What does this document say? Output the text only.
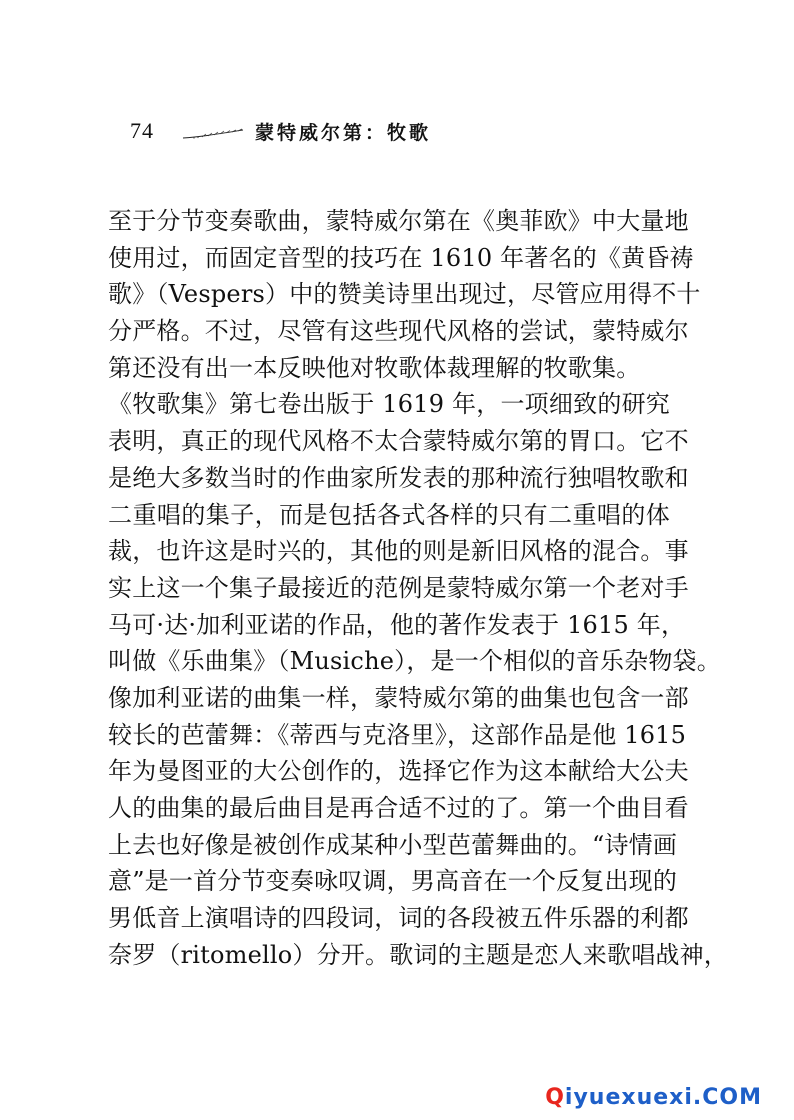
74	蒙特威尔第：牧歌
至于分节变奏歌曲，蒙特威尔第在《奥菲欧》中大量地
使用过，而固定音型的技巧在 1610 年著名的《黄昏祷
歌》（Vespers）中的赞美诗里出现过，尽管应用得不十
分严格。不过，尽管有这些现代风格的尝试，蒙特威尔
第还没有出一本反映他对牧歌体裁理解的牧歌集。
《牧歌集》第七卷出版于 1619 年，一项细致的研究
表明，真正的现代风格不太合蒙特威尔第的胃口。它不
是绝大多数当时的作曲家所发表的那种流行独唱牧歌和
二重唱的集子，而是包括各式各样的只有二重唱的体
裁，也许这是时兴的，其他的则是新旧风格的混合。事
实上这一个集子最接近的范例是蒙特威尔第一个老对手
马可·达·加利亚诺的作品，他的著作发表于 1615 年，
叫做《乐曲集》（Musiche），是一个相似的音乐杂物袋。
像加利亚诺的曲集一样，蒙特威尔第的曲集也包含一部
较长的芭蕾舞：《蒂西与克洛里》，这部作品是他 1615
年为曼图亚的大公创作的，选择它作为这本献给大公夫
人的曲集的最后曲目是再合适不过的了。第一个曲目看
上去也好像是被创作成某种小型芭蕾舞曲的。“诗情画
意”是一首分节变奏咏叹调，男高音在一个反复出现的
男低音上演唱诗的四段词，词的各段被五件乐器的利都
奈罗（ritomello）分开。歌词的主题是恋人来歌唱战神，
Qiyuexuexi.COM
